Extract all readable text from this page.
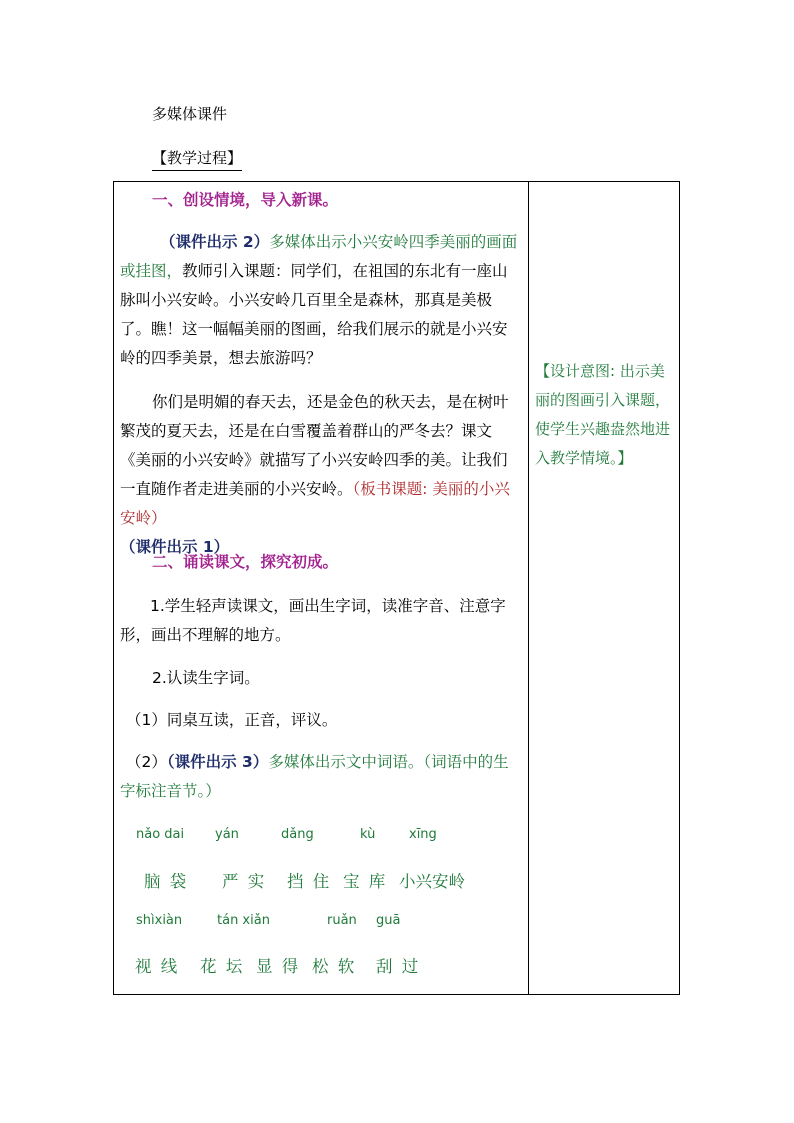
多媒体课件
【教学过程】
一、创设情境，导入新课。
（课件出示 2）多媒体出示小兴安岭四季美丽的画面或挂图，教师引入课题：同学们，在祖国的东北有一座山脉叫小兴安岭。小兴安岭几百里全是森林，那真是美极了。瞧！这一幅幅美丽的图画，给我们展示的就是小兴安岭的四季美景，想去旅游吗？
你们是明媚的春天去，还是金色的秋天去，是在树叶繁茂的夏天去，还是在白雪覆盖着群山的严冬去？课文《美丽的小兴安岭》就描写了小兴安岭四季的美。让我们一直随作者走进美丽的小兴安岭。（板书课题: 美丽的小兴安岭）
（课件出示 1）
二、诵读课文，探究初成。
1.学生轻声读课文，画出生字词，读准字音、注意字形，画出不理解的地方。
2.认读生字词。
（1）同桌互读，正音，评议。
（2）（课件出示 3）多媒体出示文中词语。（词语中的生字标注音节。）
nǎo dai yán	dǎng	kù	xīng
脑 袋 严 实 挡 住 宝 库 小兴安岭
shìxiàn	tán xiǎn	ruǎn guā
视 线 花 坛 显 得 松 软 刮 过
【设计意图: 出示美丽的图画引入课题，使学生兴趣盎然地进入教学情境。】
